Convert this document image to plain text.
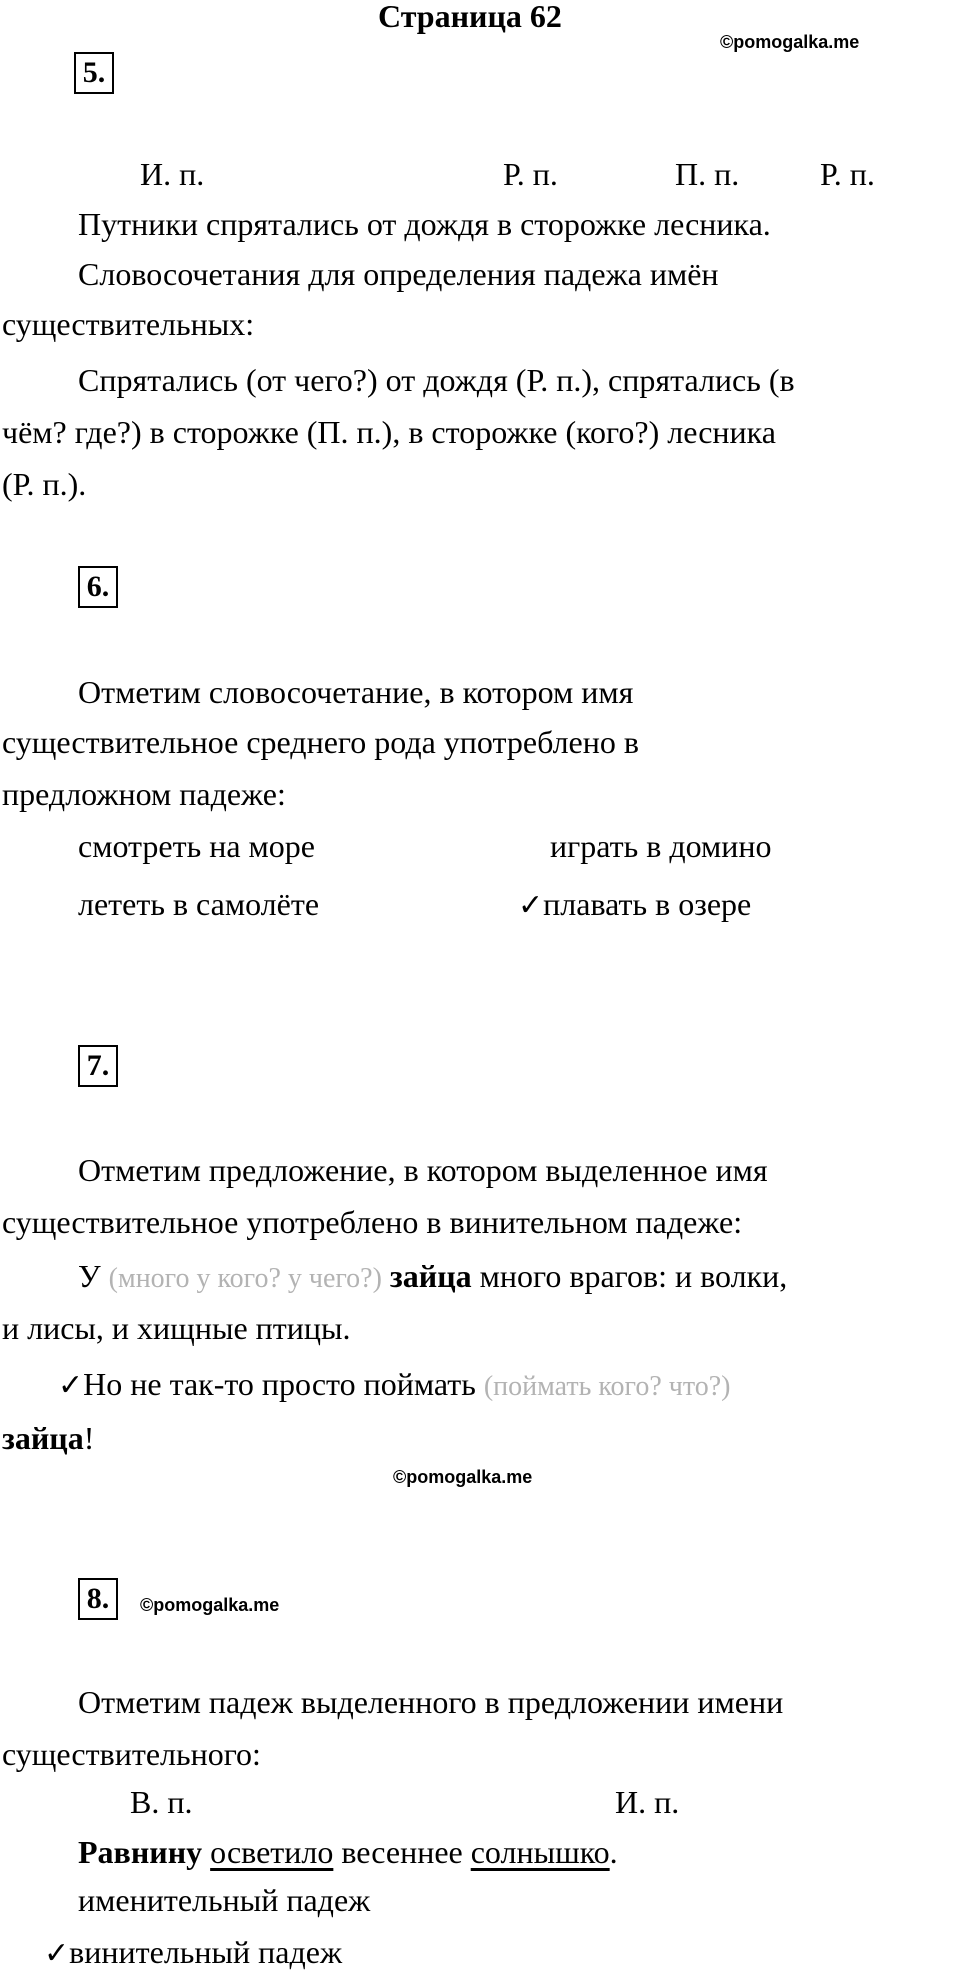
Страница 62
©pomogalka.me
5.
И. п.	Р. п.	П. п.	Р. п.
Путники спрятались от дождя в сторожке лесника.
Словосочетания для определения падежа имён
существительных:
Спрятались (от чего?) от дождя (Р. п.), спрятались (в
чём? где?) в сторожке (П. п.), в сторожке (кого?) лесника
(Р. п.).
6.
Отметим словосочетание, в котором имя
существительное среднего рода употреблено в
предложном падеже:
смотреть на море	играть в домино
лететь в самолёте	✓плавать в озере
7.
Отметим предложение, в котором выделенное имя
существительное употреблено в винительном падеже:
У (много у кого? у чего?) зайца много врагов: и волки,
и лисы, и хищные птицы.
✓Но не так-то просто поймать (поймать кого? что?)
зайца!
©pomogalka.me
8.	©pomogalka.me
Отметим падеж выделенного в предложении имени
существительного:
В. п.	И. п.
Равнину осветило весеннее солнышко.
именительный падеж
✓винительный падеж
